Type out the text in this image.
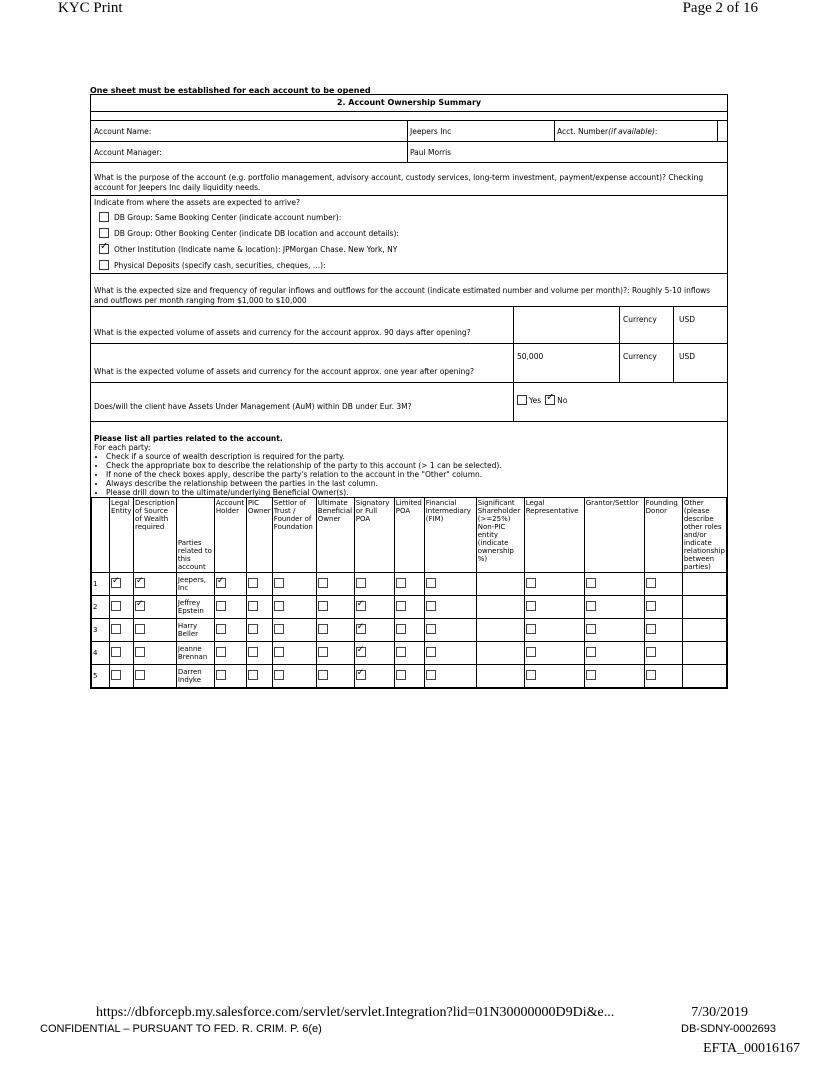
KYC Print	Page 2 of 16
One sheet must be established for each account to be opened
2. Account Ownership Summary
Account Name:	Jeepers Inc	Acct. Number (if available) :
Account Manager:	Paul Morris
What is the purpose of the account (e.g. portfolio management, advisory account, custody services, long-term investment, payment/expense account)? Checking account for Jeepers Inc daily liquidity needs.
Indicate from where the assets are expected to arrive?
DB Group: Same Booking Center (indicate account number):
DB Group: Other Booking Center (indicate DB location and account details):
✓
Other Institution (Indicate name & location): JPMorgan Chase. New York, NY
Physical Deposits (specify cash, securities, cheques, ...):
What is the expected size and frequency of regular inflows and outflows for the account (indicate estimated number and volume per month)?: Roughly 5-10 inflows and outflows per month ranging from $1,000 to $10,000
What is the expected volume of assets and currency for the account approx. 90 days after opening?
Currency	USD
What is the expected volume of assets and currency for the account approx. one year after opening?
50,000	Currency	USD
Does/will the client have Assets Under Management (AuM) within DB under Eur. 3M?
Yes ✓ No
Please list all parties related to the account.
For each party:
• Check if a source of wealth description is required for the party.
• Check the appropriate box to describe the relationship of the party to this account (> 1 can be selected).
• If none of the check boxes apply, describe the party's relation to the account in the "Other" column.
• Always describe the relationship between the parties in the last column.
• Please drill down to the ultimate/underlying Beneficial Owner(s).
	Legal Entity	Description of Source of Wealth required	Parties related to this account	Account Holder	PIC Owner	Settlor of Trust / Founder of Foundation	Ultimate Beneficial Owner	Signatory or Full POA	Limited POA	Financial Intermediary (FIM)	Significant Shareholder (>=25%) Non-PIC entity (indicate ownership %)	Legal Representative	Grantor/Settlor	Founding Donor	Other (please describe other roles and/or indicate relationship between parties)
1	✓	✓	Jeepers, Inc	✓											
2		✓	Jeffrey Epstein					✓							
3			Harry Beller					✓							
4			Jeanne Brennan					✓							
5			Darren Indyke					✓							
https://dbforcepb.my.salesforce.com/servlet/servlet.Integration?lid=01N30000000D9Di&e...	7/30/2019
CONFIDENTIAL – PURSUANT TO FED. R. CRIM. P. 6(e)	DB-SDNY-0002693
EFTA_00016167
